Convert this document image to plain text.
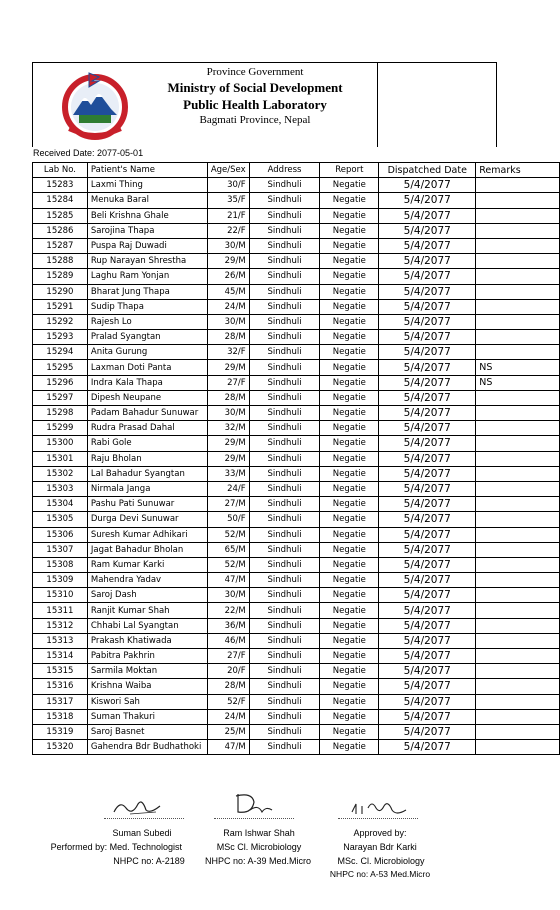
Province Government
Ministry of Social Development
Public Health Laboratory
Bagmati Province, Nepal
Received Date: 2077-05-01
Lab No.	Patient's Name	Age/Sex	Address	Report	Dispatched Date	Remarks
15283	Laxmi Thing	30/F	Sindhuli	Negatie	5/4/2077	
15284	Menuka Baral	35/F	Sindhuli	Negatie	5/4/2077	
15285	Beli Krishna Ghale	21/F	Sindhuli	Negatie	5/4/2077	
15286	Sarojina Thapa	22/F	Sindhuli	Negatie	5/4/2077	
15287	Puspa Raj Duwadi	30/M	Sindhuli	Negatie	5/4/2077	
15288	Rup Narayan Shrestha	29/M	Sindhuli	Negatie	5/4/2077	
15289	Laghu Ram Yonjan	26/M	Sindhuli	Negatie	5/4/2077	
15290	Bharat Jung Thapa	45/M	Sindhuli	Negatie	5/4/2077	
15291	Sudip Thapa	24/M	Sindhuli	Negatie	5/4/2077	
15292	Rajesh Lo	30/M	Sindhuli	Negatie	5/4/2077	
15293	Pralad Syangtan	28/M	Sindhuli	Negatie	5/4/2077	
15294	Anita Gurung	32/F	Sindhuli	Negatie	5/4/2077	
15295	Laxman Doti Panta	29/M	Sindhuli	Negatie	5/4/2077	NS
15296	Indra Kala Thapa	27/F	Sindhuli	Negatie	5/4/2077	NS
15297	Dipesh Neupane	28/M	Sindhuli	Negatie	5/4/2077	
15298	Padam Bahadur Sunuwar	30/M	Sindhuli	Negatie	5/4/2077	
15299	Rudra Prasad Dahal	32/M	Sindhuli	Negatie	5/4/2077	
15300	Rabi Gole	29/M	Sindhuli	Negatie	5/4/2077	
15301	Raju Bholan	29/M	Sindhuli	Negatie	5/4/2077	
15302	Lal Bahadur Syangtan	33/M	Sindhuli	Negatie	5/4/2077	
15303	Nirmala Janga	24/F	Sindhuli	Negatie	5/4/2077	
15304	Pashu Pati Sunuwar	27/M	Sindhuli	Negatie	5/4/2077	
15305	Durga Devi Sunuwar	50/F	Sindhuli	Negatie	5/4/2077	
15306	Suresh Kumar Adhikari	52/M	Sindhuli	Negatie	5/4/2077	
15307	Jagat Bahadur Bholan	65/M	Sindhuli	Negatie	5/4/2077	
15308	Ram Kumar Karki	52/M	Sindhuli	Negatie	5/4/2077	
15309	Mahendra Yadav	47/M	Sindhuli	Negatie	5/4/2077	
15310	Saroj Dash	30/M	Sindhuli	Negatie	5/4/2077	
15311	Ranjit Kumar Shah	22/M	Sindhuli	Negatie	5/4/2077	
15312	Chhabi Lal Syangtan	36/M	Sindhuli	Negatie	5/4/2077	
15313	Prakash Khatiwada	46/M	Sindhuli	Negatie	5/4/2077	
15314	Pabitra Pakhrin	27/F	Sindhuli	Negatie	5/4/2077	
15315	Sarmila Moktan	20/F	Sindhuli	Negatie	5/4/2077	
15316	Krishna Waiba	28/M	Sindhuli	Negatie	5/4/2077	
15317	Kiswori Sah	52/F	Sindhuli	Negatie	5/4/2077	
15318	Suman Thakuri	24/M	Sindhuli	Negatie	5/4/2077	
15319	Saroj Basnet	25/M	Sindhuli	Negatie	5/4/2077	
15320	Gahendra Bdr Budhathoki	47/M	Sindhuli	Negatie	5/4/2077	
Suman Subedi
Performed by: Med. Technologist
NHPC no: A-2189
Ram Ishwar Shah
MSc Cl. Microbiology
NHPC no: A-39 Med.Micro
Approved by:
Narayan Bdr Karki
MSc. Cl. Microbiology
NHPC no: A-53 Med.Micro
